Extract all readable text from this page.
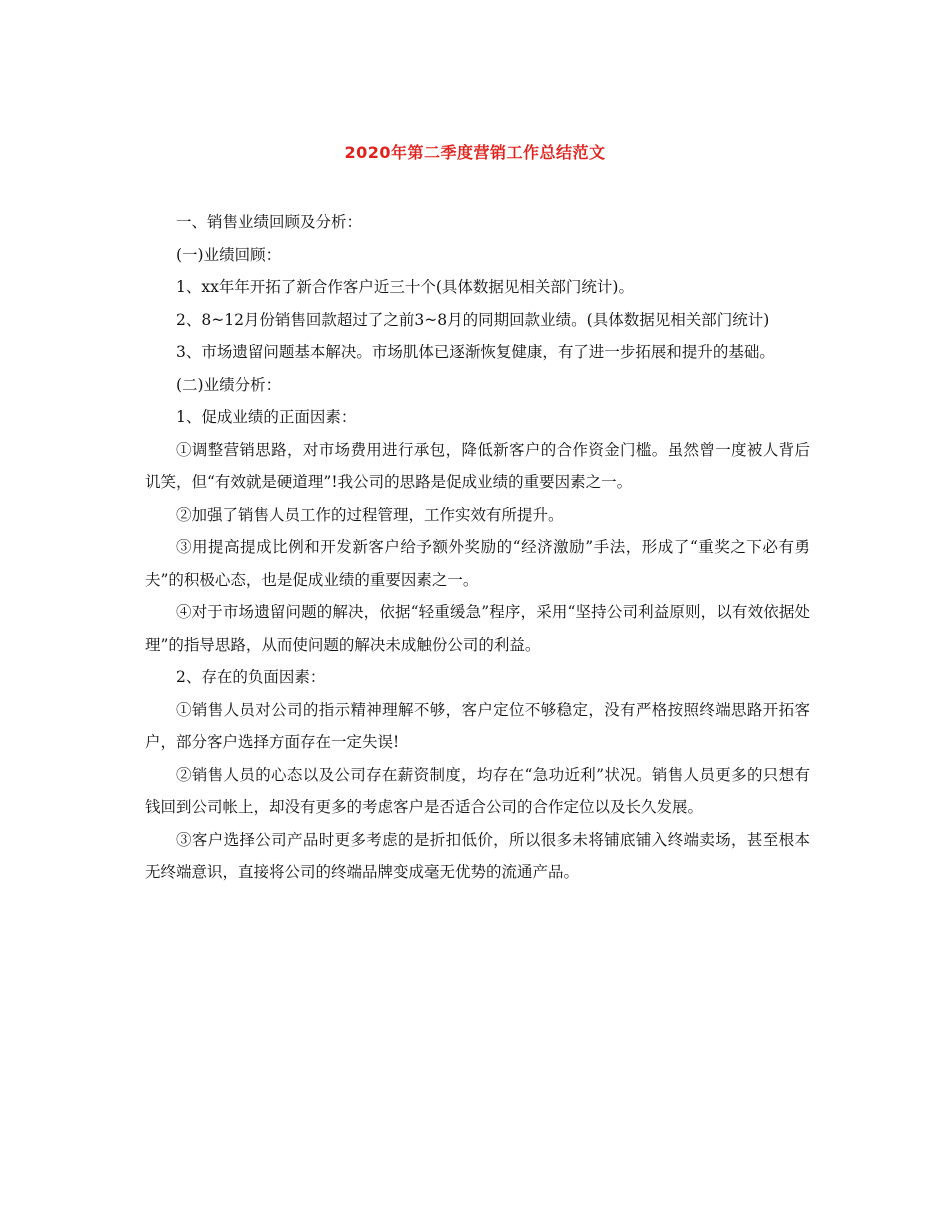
2020年第二季度营销工作总结范文

一、销售业绩回顾及分析：

(一)业绩回顾：

1、xx年年开拓了新合作客户近三十个(具体数据见相关部门统计)。

2、8~12月份销售回款超过了之前3~8月的同期回款业绩。(具体数据见相关部门统计)

3、市场遗留问题基本解决。市场肌体已逐渐恢复健康，有了进一步拓展和提升的基础。

(二)业绩分析：

1、促成业绩的正面因素：

①调整营销思路，对市场费用进行承包，降低新客户的合作资金门槛。虽然曾一度被人背后讥笑，但“有效就是硬道理”!我公司的思路是促成业绩的重要因素之一。

②加强了销售人员工作的过程管理，工作实效有所提升。

③用提高提成比例和开发新客户给予额外奖励的“经济激励”手法，形成了“重奖之下必有勇夫”的积极心态，也是促成业绩的重要因素之一。

④对于市场遗留问题的解决，依据“轻重缓急”程序，采用“坚持公司利益原则，以有效依据处理”的指导思路，从而使问题的解决未成触份公司的利益。

2、存在的负面因素：

①销售人员对公司的指示精神理解不够，客户定位不够稳定，没有严格按照终端思路开拓客户，部分客户选择方面存在一定失误!

②销售人员的心态以及公司存在薪资制度，均存在“急功近利”状况。销售人员更多的只想有钱回到公司帐上，却没有更多的考虑客户是否适合公司的合作定位以及长久发展。

③客户选择公司产品时更多考虑的是折扣低价，所以很多未将铺底铺入终端卖场，甚至根本无终端意识，直接将公司的终端品牌变成毫无优势的流通产品。
